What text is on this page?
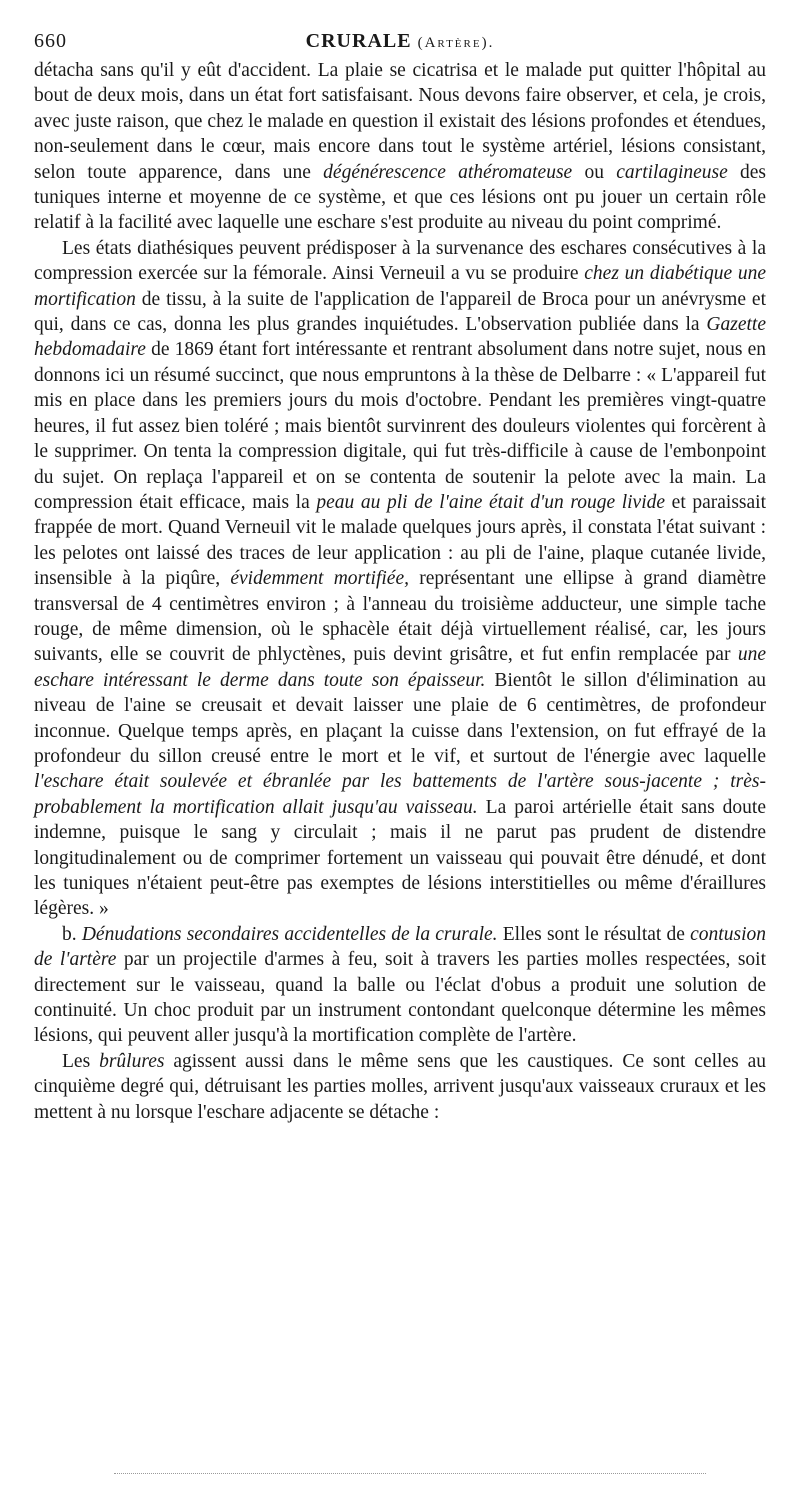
660	CRURALE (Artère).

détacha sans qu'il y eût d'accident. La plaie se cicatrisa et le malade put quitter l'hôpital au bout de deux mois, dans un état fort satisfaisant. Nous devons faire observer, et cela, je crois, avec juste raison, que chez le malade en question il existait des lésions profondes et étendues, non-seulement dans le cœur, mais encore dans tout le système artériel, lésions consistant, selon toute apparence, dans une dégénérescence athéromateuse ou cartilagineuse des tuniques interne et moyenne de ce système, et que ces lésions ont pu jouer un certain rôle relatif à la facilité avec laquelle une eschare s'est produite au niveau du point comprimé.

Les états diathésiques peuvent prédisposer à la survenance des eschares consécutives à la compression exercée sur la fémorale. Ainsi Verneuil a vu se produire chez un diabétique une mortification de tissu, à la suite de l'application de l'appareil de Broca pour un anévrysme et qui, dans ce cas, donna les plus grandes inquiétudes. L'observation publiée dans la Gazette hebdomadaire de 1869 étant fort intéressante et rentrant absolument dans notre sujet, nous en donnons ici un résumé succinct, que nous empruntons à la thèse de Delbarre : « L'appareil fut mis en place dans les premiers jours du mois d'octobre. Pendant les premières vingt-quatre heures, il fut assez bien toléré ; mais bientôt survinrent des douleurs violentes qui forcèrent à le supprimer. On tenta la compression digitale, qui fut très-difficile à cause de l'embonpoint du sujet. On replaça l'appareil et on se contenta de soutenir la pelote avec la main. La compression était efficace, mais la peau au pli de l'aine était d'un rouge livide et paraissait frappée de mort. Quand Verneuil vit le malade quelques jours après, il constata l'état suivant : les pelotes ont laissé des traces de leur application : au pli de l'aine, plaque cutanée livide, insensible à la piqûre, évidemment mortifiée, représentant une ellipse à grand diamètre transversal de 4 centimètres environ ; à l'anneau du troisième adducteur, une simple tache rouge, de même dimension, où le sphacèle était déjà virtuellement réalisé, car, les jours suivants, elle se couvrit de phlyctènes, puis devint grisâtre, et fut enfin remplacée par une eschare intéressant le derme dans toute son épaisseur. Bientôt le sillon d'élimination au niveau de l'aine se creusait et devait laisser une plaie de 6 centimètres, de profondeur inconnue. Quelque temps après, en plaçant la cuisse dans l'extension, on fut effrayé de la profondeur du sillon creusé entre le mort et le vif, et surtout de l'énergie avec laquelle l'eschare était soulevée et ébranlée par les battements de l'artère sous-jacente ; très-probablement la mortification allait jusqu'au vaisseau. La paroi artérielle était sans doute indemne, puisque le sang y circulait ; mais il ne parut pas prudent de distendre longitudinalement ou de comprimer fortement un vaisseau qui pouvait être dénudé, et dont les tuniques n'étaient peut-être pas exemptes de lésions interstitielles ou même d'éraillures légères. »

b. Dénudations secondaires accidentelles de la crurale. Elles sont le résultat de contusion de l'artère par un projectile d'armes à feu, soit à travers les parties molles respectées, soit directement sur le vaisseau, quand la balle ou l'éclat d'obus a produit une solution de continuité. Un choc produit par un instrument contondant quelconque détermine les mêmes lésions, qui peuvent aller jusqu'à la mortification complète de l'artère.

Les brûlures agissent aussi dans le même sens que les caustiques. Ce sont celles au cinquième degré qui, détruisant les parties molles, arrivent jusqu'aux vaisseaux cruraux et les mettent à nu lorsque l'eschare adjacente se détache :
